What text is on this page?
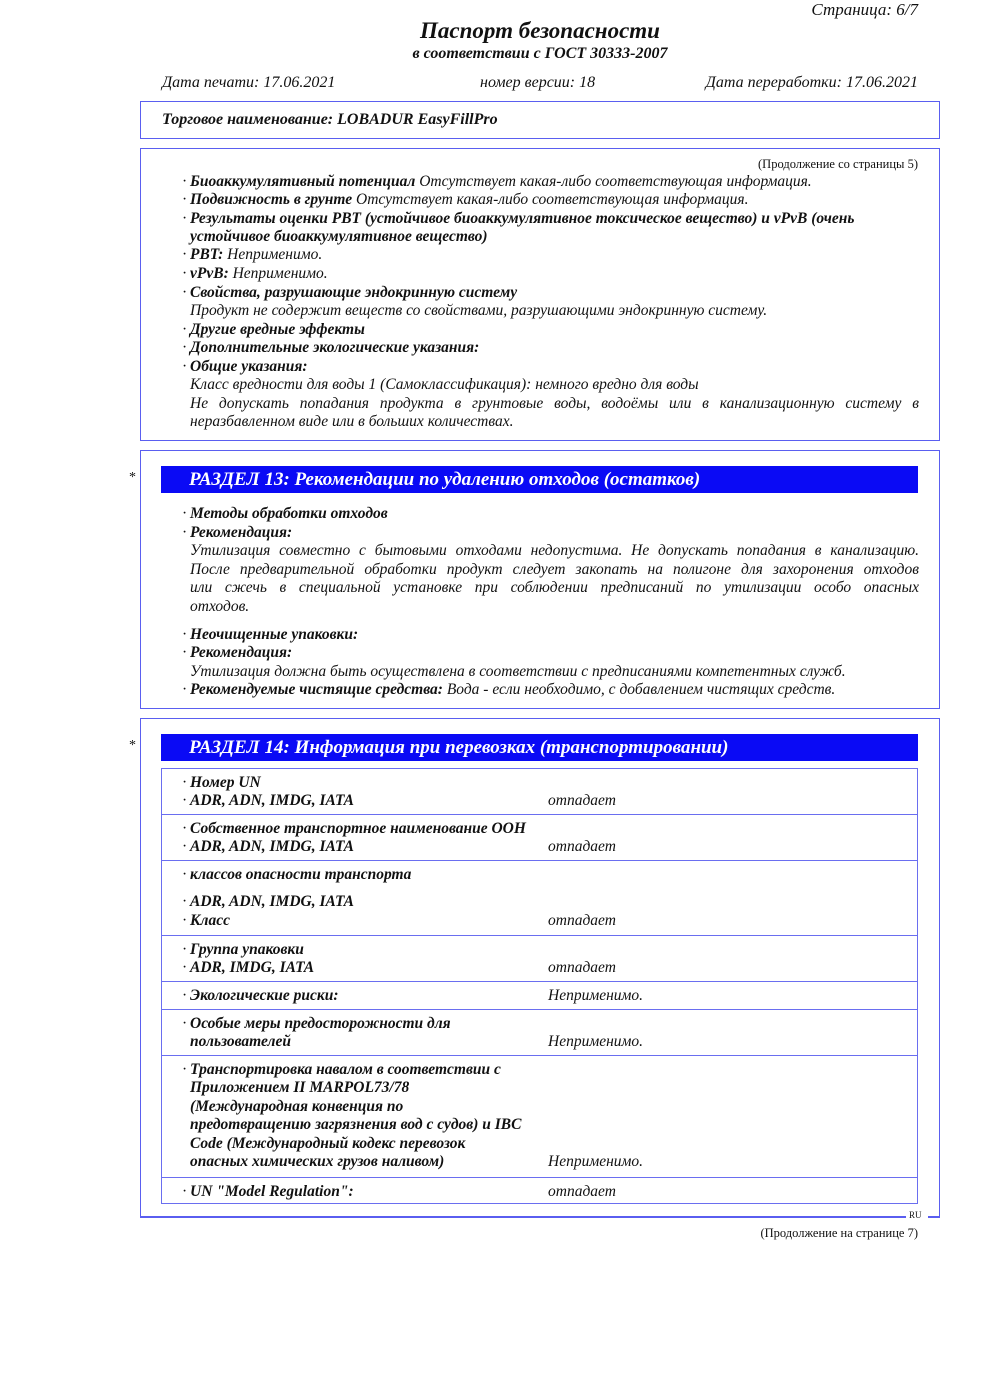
Страница: 6/7
Паспорт безопасности
в соответствии с ГОСТ 30333-2007
Дата печати: 17.06.2021	номер версии: 18	Дата переработки: 17.06.2021
Торговое наименование: LOBADUR EasyFillPro
(Продолжение со страницы 5)
· Биоаккумулятивный потенциал Отсутствует какая-либо соответствующая информация.
· Подвижность в грунте Отсутствует какая-либо соответствующая информация.
· Результаты оценки PBT (устойчивое биоаккумулятивное токсическое вещество) и vPvB (очень
устойчивое биоаккумулятивное вещество)
· PBT: Неприменимо.
· vPvB: Неприменимо.
· Свойства, разрушающие эндокринную систему
Продукт не содержит веществ со свойствами, разрушающими эндокринную систему.
· Другие вредные эффекты
· Дополнительные экологические указания:
· Общие указания:
Класс вредности для воды 1 (Самоклассификация): немного вредно для воды
Не допускать попадания продукта в грунтовые воды, водоёмы или в канализационную систему в
неразбавленном виде или в больших количествах.
*	РАЗДЕЛ 13: Рекомендации по удалению отходов (остатков)
· Методы обработки отходов
· Рекомендация:
Утилизация совместно с бытовыми отходами недопустима. Не допускать попадания в канализацию.
После предварительной обработки продукт следует закопать на полигоне для захоронения отходов
или сжечь в специальной установке при соблюдении предписаний по утилизации особо опасных
отходов.
· Неочищенные упаковки:
· Рекомендация:
Утилизация должна быть осуществлена в соответствии с предписаниями компетентных служб.
· Рекомендуемые чистящие средства: Вода - если необходимо, с добавлением чистящих средств.
RU
*	РАЗДЕЛ 14: Информация при перевозках (транспортировании)
· Номер UN
· ADR, ADN, IMDG, IATA	отпадает
· Собственное транспортное наименование ООН
· ADR, ADN, IMDG, IATA	отпадает
· классов опасности транспорта
· ADR, ADN, IMDG, IATA
· Класс	отпадает
· Группа упаковки
· ADR, IMDG, IATA	отпадает
· Экологические риски:	Неприменимо.
· Особые меры предосторожности для
пользователей	Неприменимо.
· Транспортировка навалом в соответствии с
Приложением II MARPOL73/78
(Международная конвенция по
предотвращению загрязнения вод с судов) и IBC
Code (Международный кодекс перевозок
опасных химических грузов наливом)	Неприменимо.
· UN "Model Regulation":	отпадает
(Продолжение на странице 7)
